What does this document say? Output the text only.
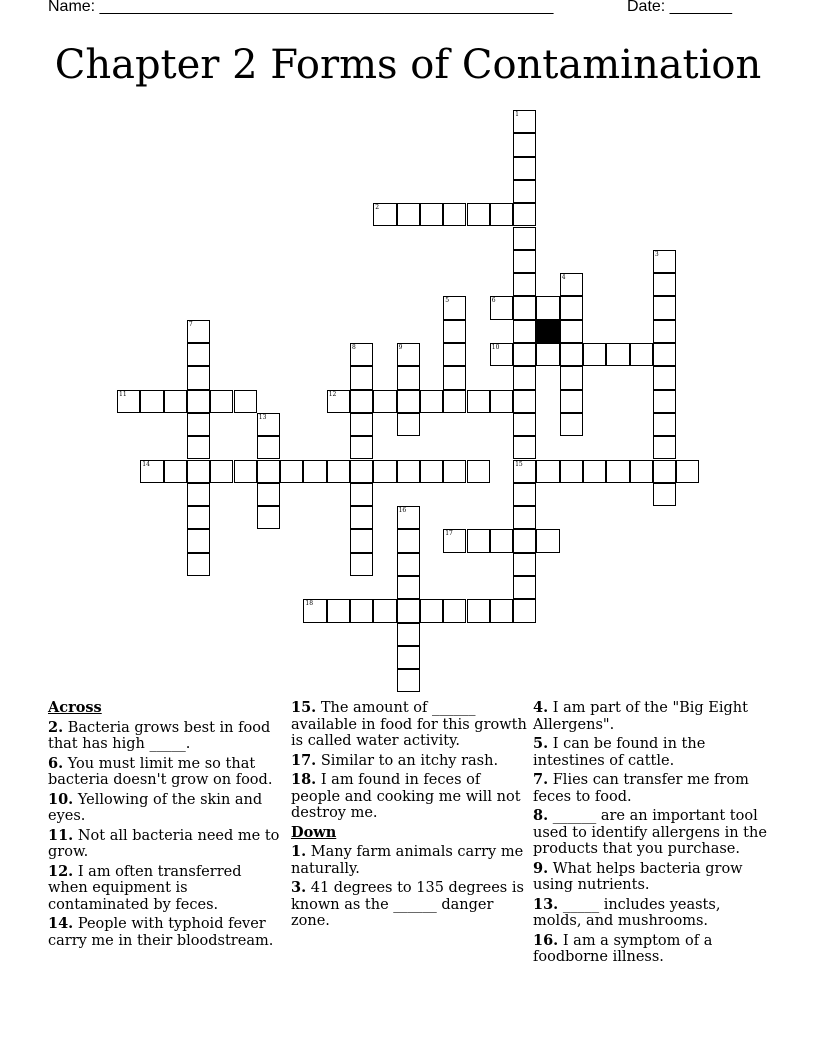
Name: ___________________________________________________	Date: _______
Chapter 2 Forms of Contamination
1
2
3
4
5	6
7
8	9	10
11	12
13
14	15
16
17
18

Across

2. Bacteria grows best in food that has high _____.

6. You must limit me so that bacteria doesn't grow on food.

10. Yellowing of the skin and eyes.

11. Not all bacteria need me to grow.

12. I am often transferred when equipment is contaminated by feces.

14. People with typhoid fever carry me in their bloodstream.

15. The amount of ______ available in food for this growth is called water activity.

17. Similar to an itchy rash.

18. I am found in feces of people and cooking me will not destroy me.

Down

1. Many farm animals carry me naturally.

3. 41 degrees to 135 degrees is known as the ______ danger zone.

4. I am part of the "Big Eight Allergens".

5. I can be found in the intestines of cattle.

7. Flies can transfer me from feces to food.

8. ______ are an important tool used to identify allergens in the products that you purchase.

9. What helps bacteria grow using nutrients.

13. _____ includes yeasts, molds, and mushrooms.

16. I am a symptom of a foodborne illness.
